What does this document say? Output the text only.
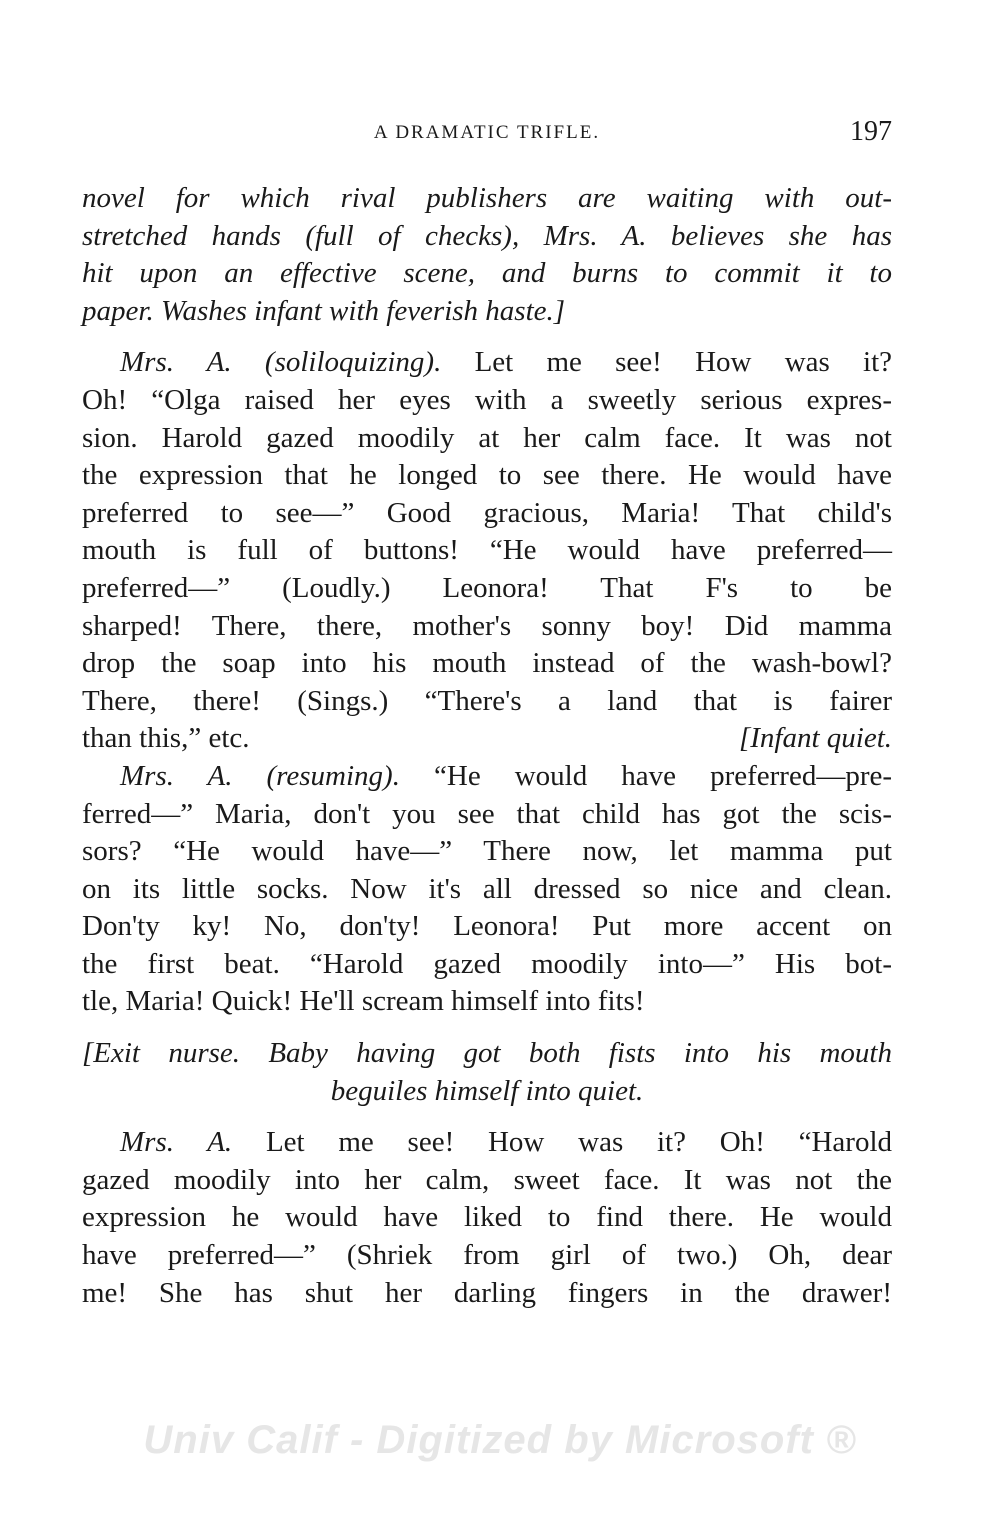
A DRAMATIC TRIFLE.	197
novel for which rival publishers are waiting with out-
stretched hands (full of checks), Mrs. A. believes she has
hit upon an effective scene, and burns to commit it to
paper. Washes infant with feverish haste.]
Mrs. A. (soliloquizing). Let me see! How was it?
Oh! “Olga raised her eyes with a sweetly serious expres-
sion. Harold gazed moodily at her calm face. It was not
the expression that he longed to see there. He would have
preferred to see—” Good gracious, Maria! That child's
mouth is full of buttons! “He would have preferred—
preferred—” (Loudly.) Leonora! That F's to be
sharped! There, there, mother's sonny boy! Did mamma
drop the soap into his mouth instead of the wash-bowl?
There, there! (Sings.) “There's a land that is fairer
than this,” etc.	[Infant quiet.
Mrs. A. (resuming). “He would have preferred—pre-
ferred—” Maria, don't you see that child has got the scis-
sors? “He would have—” There now, let mamma put
on its little socks. Now it's all dressed so nice and clean.
Don'ty ky! No, don'ty! Leonora! Put more accent on
the first beat. “Harold gazed moodily into—” His bot-
tle, Maria! Quick! He'll scream himself into fits!
[Exit nurse. Baby having got both fists into his mouth
beguiles himself into quiet.
Mrs. A. Let me see! How was it? Oh! “Harold
gazed moodily into her calm, sweet face. It was not the
expression he would have liked to find there. He would
have preferred—” (Shriek from girl of two.) Oh, dear
me! She has shut her darling fingers in the drawer!
Univ Calif - Digitized by Microsoft ®
